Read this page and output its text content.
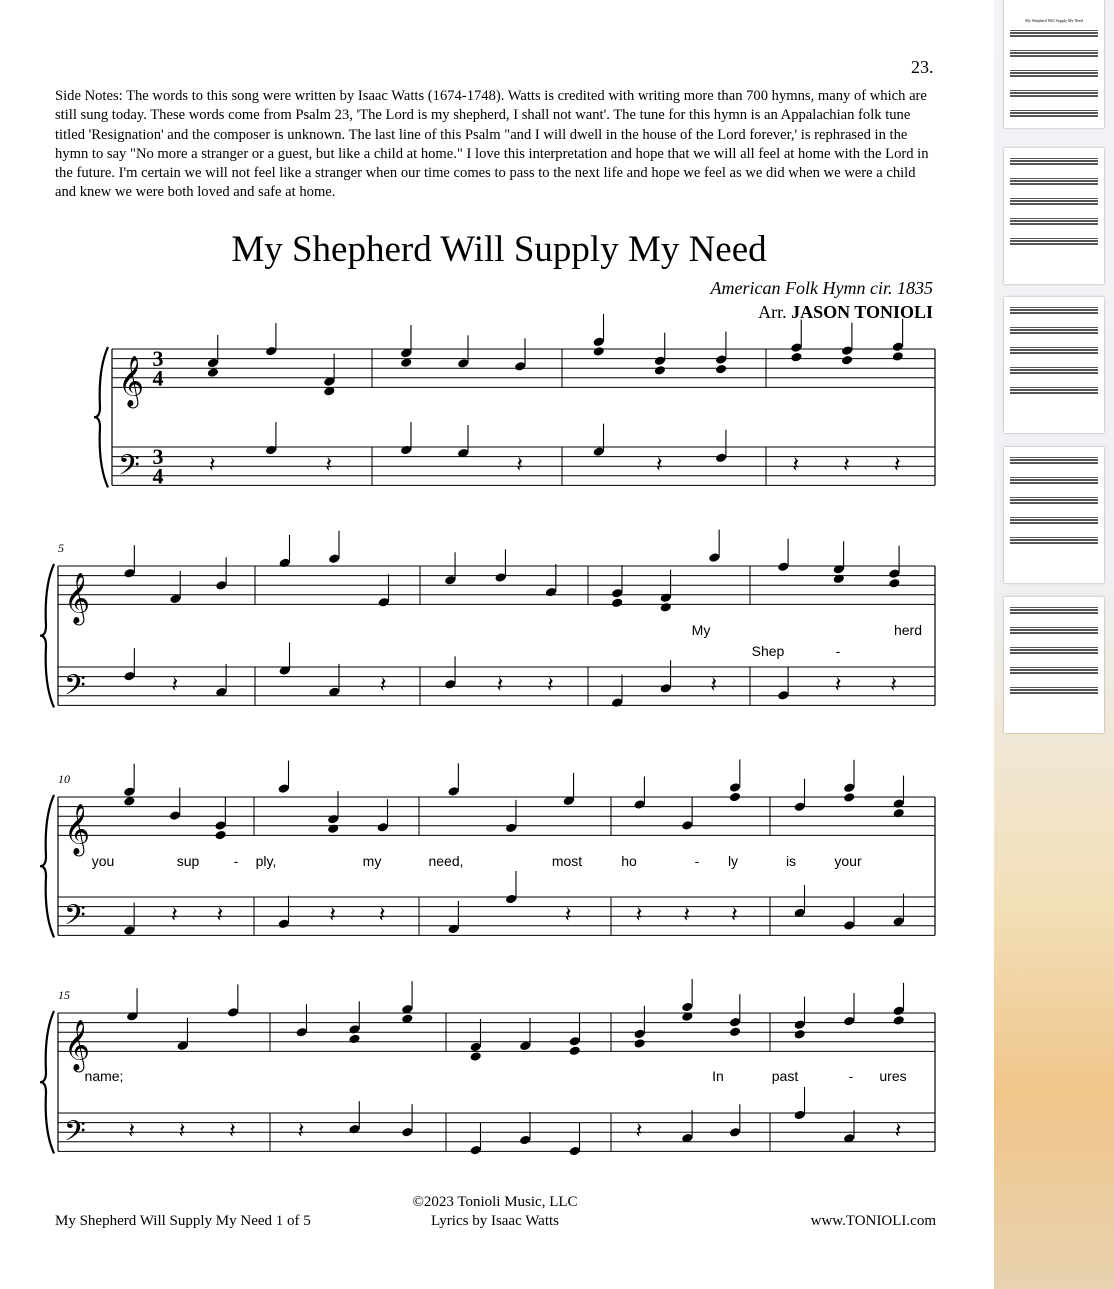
23.
Side Notes: The words to this song were written by Isaac Watts (1674-1748). Watts is credited with writing more than 700 hymns, many of which are still sung today. These words come from Psalm 23, 'The Lord is my shepherd, I shall not want'. The tune for this hymn is an Appalachian folk tune titled 'Resignation' and the composer is unknown. The last line of this Psalm "and I will dwell in the house of the Lord forever,' is rephrased in the hymn to say "No more a stranger or a guest, but like a child at home." I love this interpretation and hope that we will all feel at home with the Lord in the future. I'm certain we will not feel like a stranger when our time comes to pass to the next life and hope we feel as we did when we were a child and knew we were both loved and safe at home.
My Shepherd Will Supply My Need
American Folk Hymn cir. 1835
Arr. JASON TONIOLI
𝄞
𝄢
3
4
3
4 𝄽	𝄽	𝄽	𝄽	𝄽 𝄽 𝄽
𝄞
𝄢
5
𝄽	𝄽	𝄽 𝄽	𝄽	𝄽 𝄽
𝄞
𝄢
10
𝄽 𝄽	𝄽 𝄽	𝄽	𝄽 𝄽 𝄽
𝄞
𝄢
15
𝄽 𝄽 𝄽	𝄽	𝄽	𝄽
My	herd
Shep	-
you	sup - ply,	my	need,	most	ho	- ly	is	your
name;	In	past	- ures
My Shepherd Will Supply My Need 1 of 5
©2023 Tonioli Music, LLC
Lyrics by Isaac Watts	www.TONIOLI.com
My Shepherd Will Supply My Need
